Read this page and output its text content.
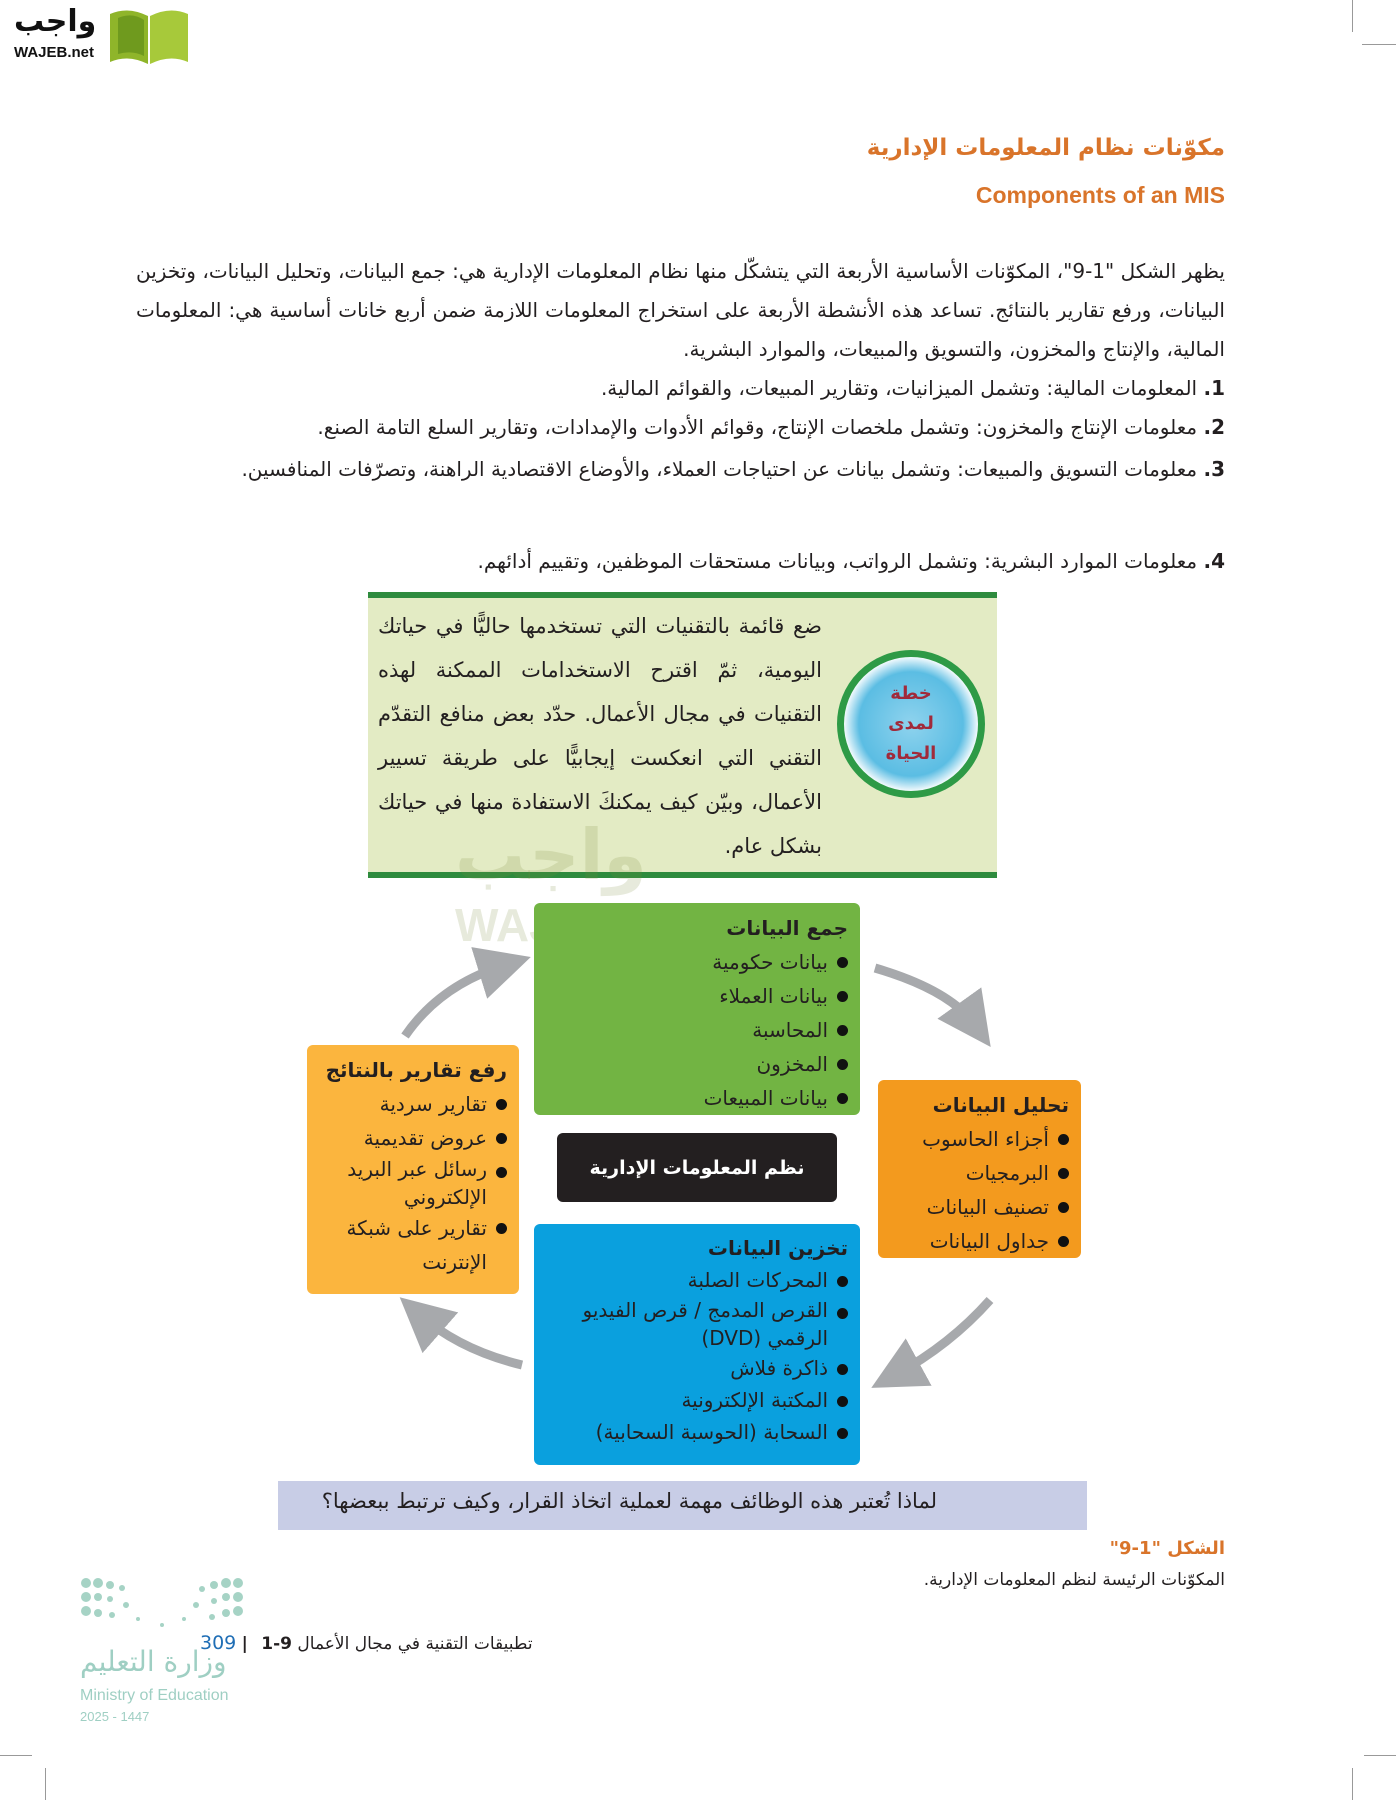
واجب
WAJEB.net
مكوّنات نظام المعلومات الإدارية
Components of an MIS

يظهر الشكل "1-9"، المكوّنات الأساسية الأربعة التي يتشكّل منها نظام المعلومات الإدارية هي: جمع البيانات، وتحليل البيانات، وتخزين البيانات، ورفع تقارير بالنتائج. تساعد هذه الأنشطة الأربعة على استخراج المعلومات اللازمة ضمن أربع خانات أساسية هي: المعلومات المالية، والإنتاج والمخزون، والتسويق والمبيعات، والموارد البشرية.

1. المعلومات المالية: وتشمل الميزانيات، وتقارير المبيعات، والقوائم المالية.
2. معلومات الإنتاج والمخزون: وتشمل ملخصات الإنتاج، وقوائم الأدوات والإمدادات، وتقارير السلع التامة الصنع.
3. معلومات التسويق والمبيعات: وتشمل بيانات عن احتياجات العملاء، والأوضاع الاقتصادية الراهنة، وتصرّفات المنافسين.
4. معلومات الموارد البشرية: وتشمل الرواتب، وبيانات مستحقات الموظفين، وتقييم أدائهم.
خطة لمدى الحياة

ضع قائمة بالتقنيات التي تستخدمها حاليًّا في حياتك اليومية، ثمّ اقترح الاستخدامات الممكنة لهذه التقنيات في مجال الأعمال. حدّد بعض منافع التقدّم التقني التي انعكست إيجابيًّا على طريقة تسيير الأعمال، وبيّن كيف يمكنكَ الاستفادة منها في حياتك بشكل عام.

جمع البيانات
بيانات حكومية
بيانات العملاء
المحاسبة
المخزون
بيانات المبيعات	تحليل البيانات
أجزاء الحاسوب
البرمجيات
تصنيف البيانات
جداول البيانات
رفع تقارير بالنتائج
تقارير سردية
عروض تقديمية
رسائل عبر البريد الإلكتروني
تقارير على شبكة الإنترنت
نظم المعلومات الإدارية
تخزين البيانات
المحركات الصلبة
القرص المدمج / قرص الفيديو الرقمي (DVD)
ذاكرة فلاش
المكتبة الإلكترونية
السحابة (الحوسبة السحابية)
لماذا تُعتبر هذه الوظائف مهمة لعملية اتخاذ القرار، وكيف ترتبط ببعضها؟
الشكل "1-9"
المكوّنات الرئيسة لنظم المعلومات الإدارية.
وزارة التعليم
Ministry of Education
2025 - 1447
309 |	تطبيقات التقنية في مجال الأعمال 1-9
